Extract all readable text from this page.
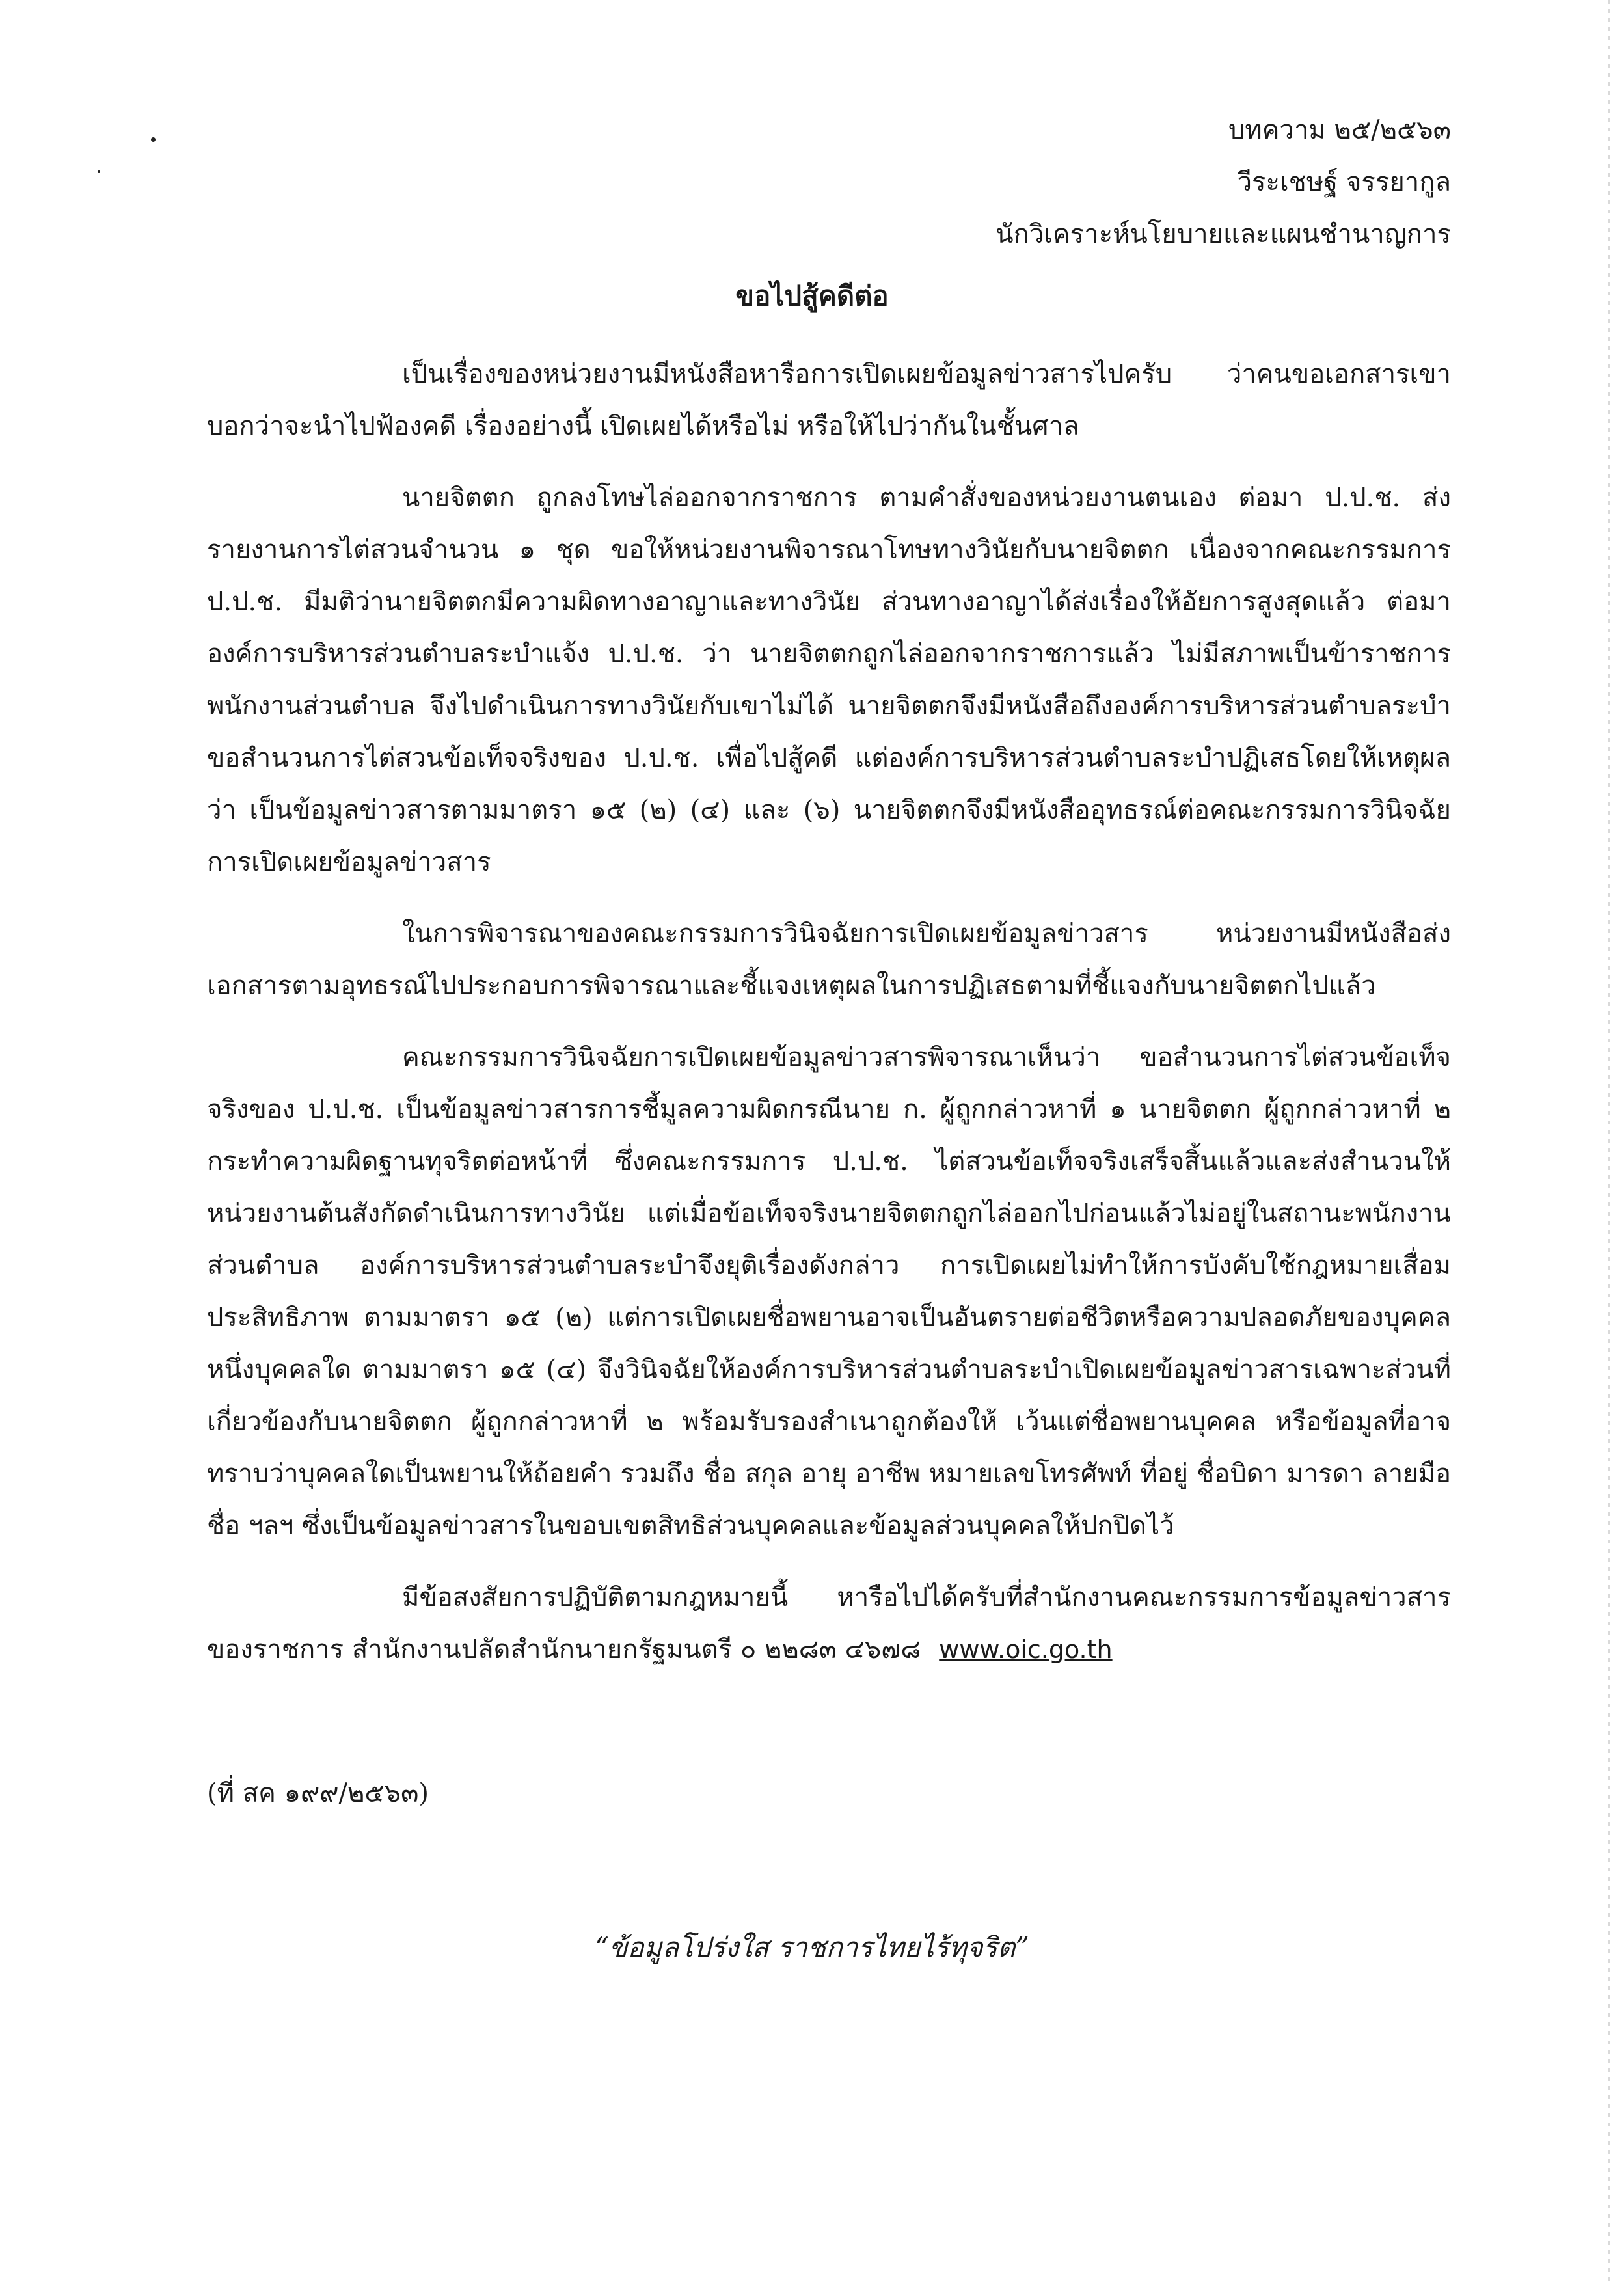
บทความ ๒๕/๒๕๖๓
วีระเชษฐ์ จรรยากูล
นักวิเคราะห์นโยบายและแผนชำนาญการ
ขอไปสู้คดีต่อ

เป็นเรื่องของหน่วยงานมีหนังสือหารือการเปิดเผยข้อมูลข่าวสารไปครับ ว่าคนขอเอกสารเขาบอกว่าจะนำไปฟ้องคดี เรื่องอย่างนี้ เปิดเผยได้หรือไม่ หรือให้ไปว่ากันในชั้นศาล

นายจิตตก ถูกลงโทษไล่ออกจากราชการ ตามคำสั่งของหน่วยงานตนเอง ต่อมา ป.ป.ช. ส่งรายงานการไต่สวนจำนวน ๑ ชุด ขอให้หน่วยงานพิจารณาโทษทางวินัยกับนายจิตตก เนื่องจากคณะกรรมการ ป.ป.ช. มีมติว่านายจิตตกมีความผิดทางอาญาและทางวินัย ส่วนทางอาญาได้ส่งเรื่องให้อัยการสูงสุดแล้ว ต่อมาองค์การบริหารส่วนตำบลระบำแจ้ง ป.ป.ช. ว่า นายจิตตกถูกไล่ออกจากราชการแล้ว ไม่มีสภาพเป็นข้าราชการพนักงานส่วนตำบล จึงไปดำเนินการทางวินัยกับเขาไม่ได้ นายจิตตกจึงมีหนังสือถึงองค์การบริหารส่วนตำบลระบำขอสำนวนการไต่สวนข้อเท็จจริงของ ป.ป.ช. เพื่อไปสู้คดี แต่องค์การบริหารส่วนตำบลระบำปฏิเสธโดยให้เหตุผลว่า เป็นข้อมูลข่าวสารตามมาตรา ๑๕ (๒) (๔) และ (๖) นายจิตตกจึงมีหนังสืออุทธรณ์ต่อคณะกรรมการวินิจฉัยการเปิดเผยข้อมูลข่าวสาร

ในการพิจารณาของคณะกรรมการวินิจฉัยการเปิดเผยข้อมูลข่าวสาร หน่วยงานมีหนังสือส่งเอกสารตามอุทธรณ์ไปประกอบการพิจารณาและชี้แจงเหตุผลในการปฏิเสธตามที่ชี้แจงกับนายจิตตกไปแล้ว

คณะกรรมการวินิจฉัยการเปิดเผยข้อมูลข่าวสารพิจารณาเห็นว่า ขอสำนวนการไต่สวนข้อเท็จจริงของ ป.ป.ช. เป็นข้อมูลข่าวสารการชี้มูลความผิดกรณีนาย ก. ผู้ถูกกล่าวหาที่ ๑ นายจิตตก ผู้ถูกกล่าวหาที่ ๒ กระทำความผิดฐานทุจริตต่อหน้าที่ ซึ่งคณะกรรมการ ป.ป.ช. ไต่สวนข้อเท็จจริงเสร็จสิ้นแล้วและส่งสำนวนให้หน่วยงานต้นสังกัดดำเนินการทางวินัย แต่เมื่อข้อเท็จจริงนายจิตตกถูกไล่ออกไปก่อนแล้วไม่อยู่ในสถานะพนักงานส่วนตำบล องค์การบริหารส่วนตำบลระบำจึงยุติเรื่องดังกล่าว การเปิดเผยไม่ทำให้การบังคับใช้กฎหมายเสื่อมประสิทธิภาพ ตามมาตรา ๑๕ (๒) แต่การเปิดเผยชื่อพยานอาจเป็นอันตรายต่อชีวิตหรือความปลอดภัยของบุคคลหนึ่งบุคคลใด ตามมาตรา ๑๕ (๔) จึงวินิจฉัยให้องค์การบริหารส่วนตำบลระบำเปิดเผยข้อมูลข่าวสารเฉพาะส่วนที่เกี่ยวข้องกับนายจิตตก ผู้ถูกกล่าวหาที่ ๒ พร้อมรับรองสำเนาถูกต้องให้ เว้นแต่ชื่อพยานบุคคล หรือข้อมูลที่อาจทราบว่าบุคคลใดเป็นพยานให้ถ้อยคำ รวมถึง ชื่อ สกุล อายุ อาชีพ หมายเลขโทรศัพท์ ที่อยู่ ชื่อบิดา มารดา ลายมือชื่อ ฯลฯ ซึ่งเป็นข้อมูลข่าวสารในขอบเขตสิทธิส่วนบุคคลและข้อมูลส่วนบุคคลให้ปกปิดไว้

มีข้อสงสัยการปฏิบัติตามกฎหมายนี้ หารือไปได้ครับที่สำนักงานคณะกรรมการข้อมูลข่าวสารของราชการ สำนักงานปลัดสำนักนายกรัฐมนตรี ๐ ๒๒๘๓ ๔๖๗๘ www.oic.go.th

(ที่ สค ๑๙๙/๒๕๖๓)
“ข้อมูลโปร่งใส ราชการไทยไร้ทุจริต”
